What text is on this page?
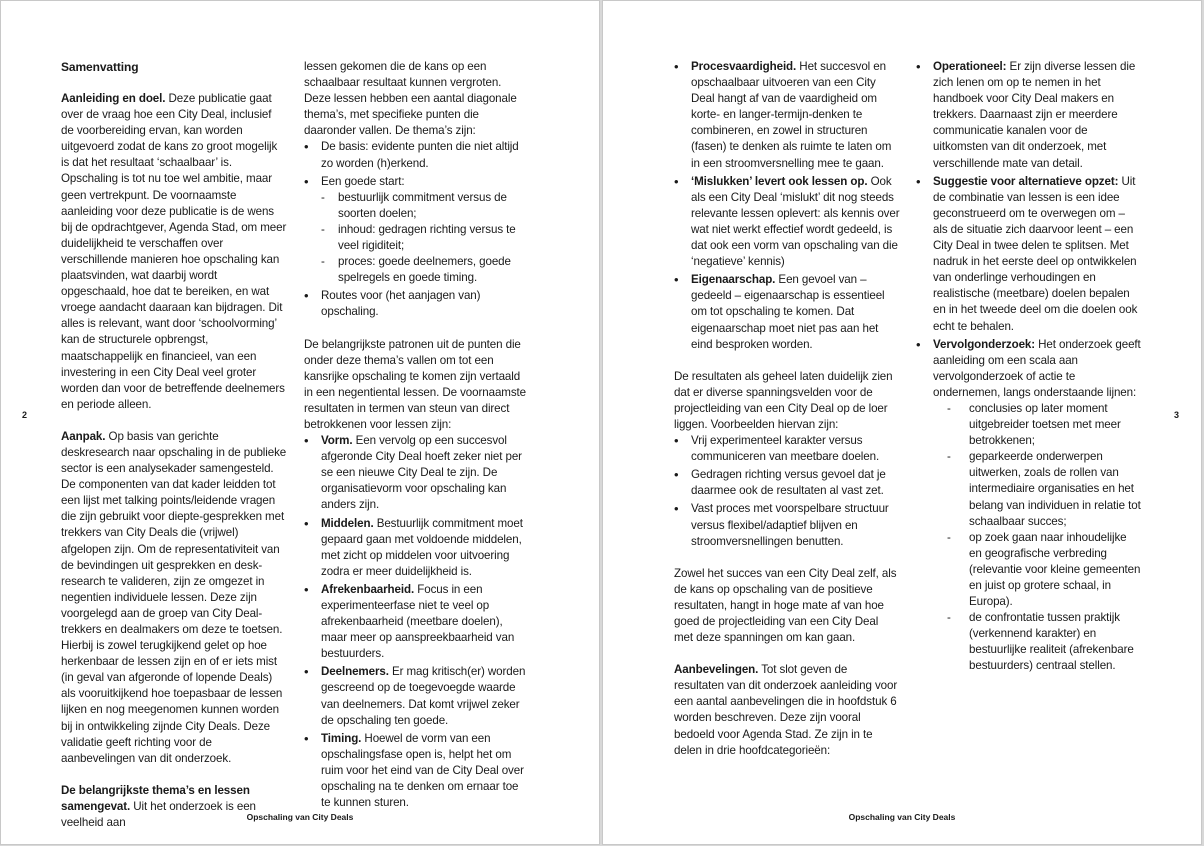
Samenvatting

Aanleiding en doel. Deze publicatie gaat over de vraag hoe een City Deal, inclusief de voorbereiding ervan, kan worden uitgevoerd zodat de kans zo groot mogelijk is dat het resultaat ‘schaalbaar’ is. Opschaling is tot nu toe wel ambitie, maar geen vertrekpunt. De voornaamste aanleiding voor deze publicatie is de wens bij de opdrachtgever, Agenda Stad, om meer duidelijkheid te verschaffen over verschillende manieren hoe opschaling kan plaatsvinden, wat daarbij wordt opgeschaald, hoe dat te bereiken, en wat vroege aandacht daaraan kan bijdragen. Dit alles is relevant, want door ‘schoolvorming’ kan de structurele opbrengst, maatschappelijk en financieel, van een investering in een City Deal veel groter worden dan voor de betreffende deelnemers en periode alleen.

Aanpak. Op basis van gerichte deskresearch naar opschaling in de publieke sector is een analysekader samengesteld. De componenten van dat kader leidden tot een lijst met talking points/leidende vragen die zijn gebruikt voor diepte-gesprekken met trekkers van City Deals die (vrijwel) afgelopen zijn. Om de representativiteit van de bevindingen uit gesprekken en desk-research te valideren, zijn ze omgezet in negentien individuele lessen. Deze zijn voorgelegd aan de groep van City Deal-trekkers en dealmakers om deze te toetsen. Hierbij is zowel terugkijkend gelet op hoe herkenbaar de lessen zijn en of er iets mist (in geval van afgeronde of lopende Deals) als vooruitkijkend hoe toepasbaar de lessen lijken en nog meegenomen kunnen worden bij in ontwikkeling zijnde City Deals. Deze validatie geeft richting voor de aanbevelingen van dit onderzoek.

De belangrijkste thema’s en lessen samengevat. Uit het onderzoek is een veelheid aan

lessen gekomen die de kans op een schaalbaar resultaat kunnen vergroten. Deze lessen hebben een aantal diagonale thema’s, met specifieke punten die daaronder vallen. De thema’s zijn:

• De basis: evidente punten die niet altijd zo worden (h)erkend.
• Een goede start:
- bestuurlijk commitment versus de soorten doelen;
- inhoud: gedragen richting versus te veel rigiditeit;
- proces: goede deelnemers, goede spelregels en goede timing.
• Routes voor (het aanjagen van) opschaling.

De belangrijkste patronen uit de punten die onder deze thema’s vallen om tot een kansrijke opschaling te komen zijn vertaald in een negentiental lessen. De voornaamste resultaten in termen van steun van direct betrokkenen voor lessen zijn:

• Vorm. Een vervolg op een succesvol afgeronde City Deal hoeft zeker niet per se een nieuwe City Deal te zijn. De organisatievorm voor opschaling kan anders zijn.
• Middelen. Bestuurlijk commitment moet gepaard gaan met voldoende middelen, met zicht op middelen voor uitvoering zodra er meer duidelijkheid is.
• Afrekenbaarheid. Focus in een experimenteerfase niet te veel op afrekenbaarheid (meetbare doelen), maar meer op aanspreekbaarheid van bestuurders.
• Deelnemers. Er mag kritisch(er) worden gescreend op de toegevoegde waarde van deelnemers. Dat komt vrijwel zeker de opschaling ten goede.
• Timing. Hoewel de vorm van een opschalingsfase open is, helpt het om ruim voor het eind van de City Deal over opschaling na te denken om ernaar toe te kunnen sturen.
2
Opschaling van City Deals
• Procesvaardigheid. Het succesvol en opschaalbaar uitvoeren van een City Deal hangt af van de vaardigheid om korte- en langer-termijn-denken te combineren, en zowel in structuren (fasen) te denken als ruimte te laten om in een stroomversnelling mee te gaan.
• ‘Mislukken’ levert ook lessen op. Ook als een City Deal ‘mislukt’ dit nog steeds relevante lessen oplevert: als kennis over wat niet werkt effectief wordt gedeeld, is dat ook een vorm van opschaling van die ‘negatieve’ kennis)
• Eigenaarschap. Een gevoel van – gedeeld – eigenaarschap is essentieel om tot opschaling te komen. Dat eigenaarschap moet niet pas aan het eind besproken worden.

De resultaten als geheel laten duidelijk zien dat er diverse spanningsvelden voor de projectleiding van een City Deal op de loer liggen. Voorbeelden hiervan zijn:

• Vrij experimenteel karakter versus communiceren van meetbare doelen.
• Gedragen richting versus gevoel dat je daarmee ook de resultaten al vast zet.
• Vast proces met voorspelbare structuur versus flexibel/adaptief blijven en stroomversnellingen benutten.

Zowel het succes van een City Deal zelf, als de kans op opschaling van de positieve resultaten, hangt in hoge mate af van hoe goed de projectleiding van een City Deal met deze spanningen om kan gaan.

Aanbevelingen. Tot slot geven de resultaten van dit onderzoek aanleiding voor een aantal aanbevelingen die in hoofdstuk 6 worden beschreven. Deze zijn vooral bedoeld voor Agenda Stad. Ze zijn in te delen in drie hoofdcategorieën:

• Operationeel: Er zijn diverse lessen die zich lenen om op te nemen in het handboek voor City Deal makers en trekkers. Daarnaast zijn er meerdere communicatie kanalen voor de uitkomsten van dit onderzoek, met verschillende mate van detail.
• Suggestie voor alternatieve opzet: Uit de combinatie van lessen is een idee geconstrueerd om te overwegen om – als de situatie zich daarvoor leent – een City Deal in twee delen te splitsen. Met nadruk in het eerste deel op ontwikkelen van onderlinge verhoudingen en realistische (meetbare) doelen bepalen en in het tweede deel om die doelen ook echt te behalen.
• Vervolgonderzoek: Het onderzoek geeft aanleiding om een scala aan vervolgonderzoek of actie te ondernemen, langs onderstaande lijnen:
- conclusies op later moment uitgebreider toetsen met meer betrokkenen;
- geparkeerde onderwerpen uitwerken, zoals de rollen van intermediaire organisaties en het belang van individuen in relatie tot schaalbaar succes;
- op zoek gaan naar inhoudelijke en geografische verbreding (relevantie voor kleine gemeenten en juist op grotere schaal, in Europa).
- de confrontatie tussen praktijk (verkennend karakter) en bestuurlijke realiteit (afrekenbare bestuurders) centraal stellen.
3
Opschaling van City Deals
